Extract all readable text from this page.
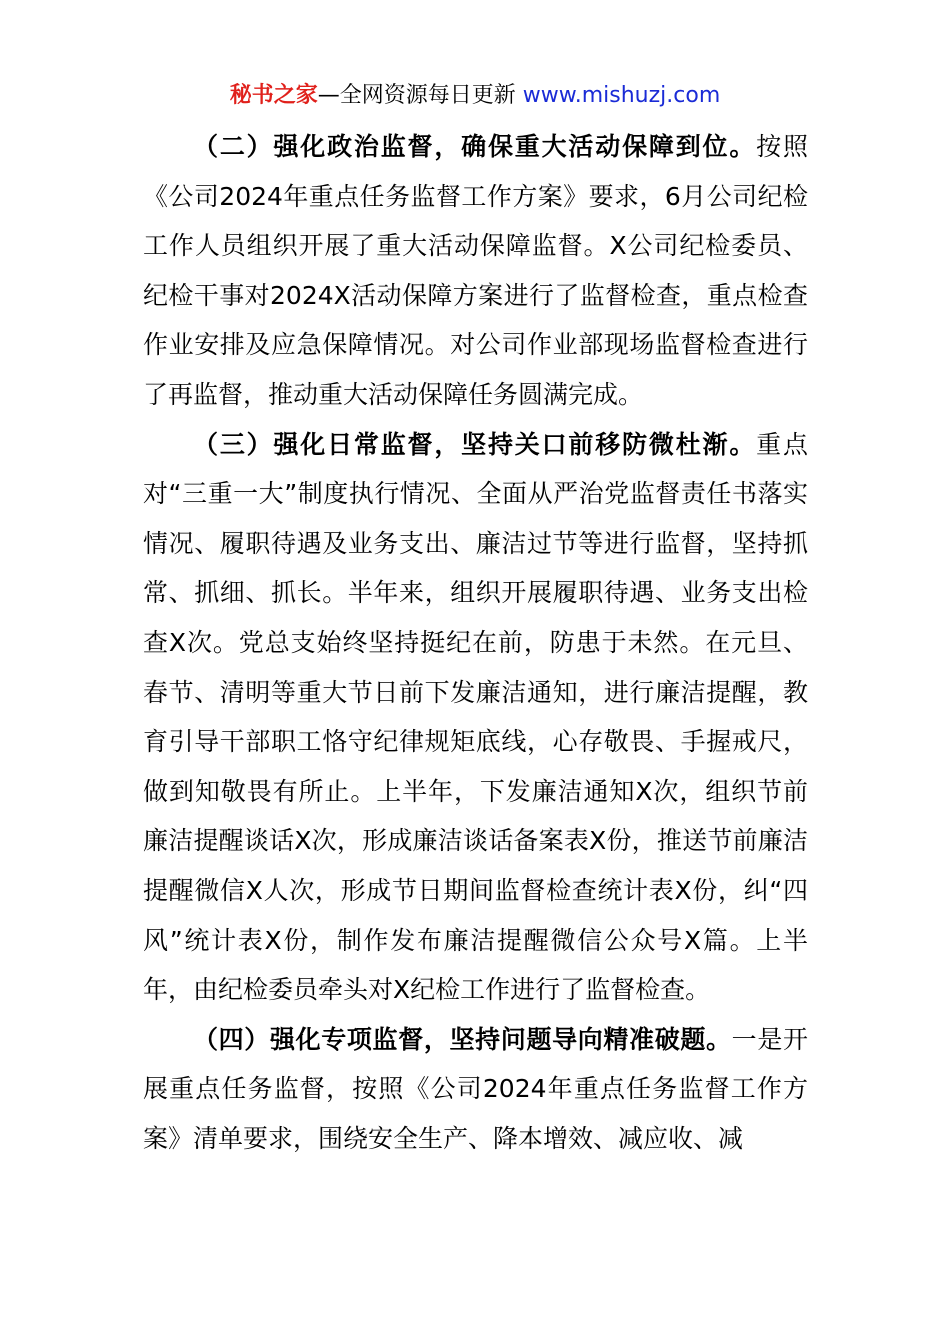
秘书之家—全网资源每日更新 www.mishuzj.com

（二）强化政治监督，确保重大活动保障到位。按照《公司2024年重点任务监督工作方案》要求，6月公司纪检工作人员组织开展了重大活动保障监督。X公司纪检委员、纪检干事对2024X活动保障方案进行了监督检查，重点检查作业安排及应急保障情况。对公司作业部现场监督检查进行了再监督，推动重大活动保障任务圆满完成。

（三）强化日常监督，坚持关口前移防微杜渐。重点对“三重一大”制度执行情况、全面从严治党监督责任书落实情况、履职待遇及业务支出、廉洁过节等进行监督，坚持抓常、抓细、抓长。半年来，组织开展履职待遇、业务支出检查X次。党总支始终坚持挺纪在前，防患于未然。在元旦、春节、清明等重大节日前下发廉洁通知，进行廉洁提醒，教育引导干部职工恪守纪律规矩底线，心存敬畏、手握戒尺，做到知敬畏有所止。上半年，下发廉洁通知X次，组织节前廉洁提醒谈话X次，形成廉洁谈话备案表X份，推送节前廉洁提醒微信X人次，形成节日期间监督检查统计表X份，纠“四风”统计表X份，制作发布廉洁提醒微信公众号X篇。上半年，由纪检委员牵头对X纪检工作进行了监督检查。

（四）强化专项监督，坚持问题导向精准破题。一是开展重点任务监督，按照《公司2024年重点任务监督工作方案》清单要求，围绕安全生产、降本增效、减应收、减
